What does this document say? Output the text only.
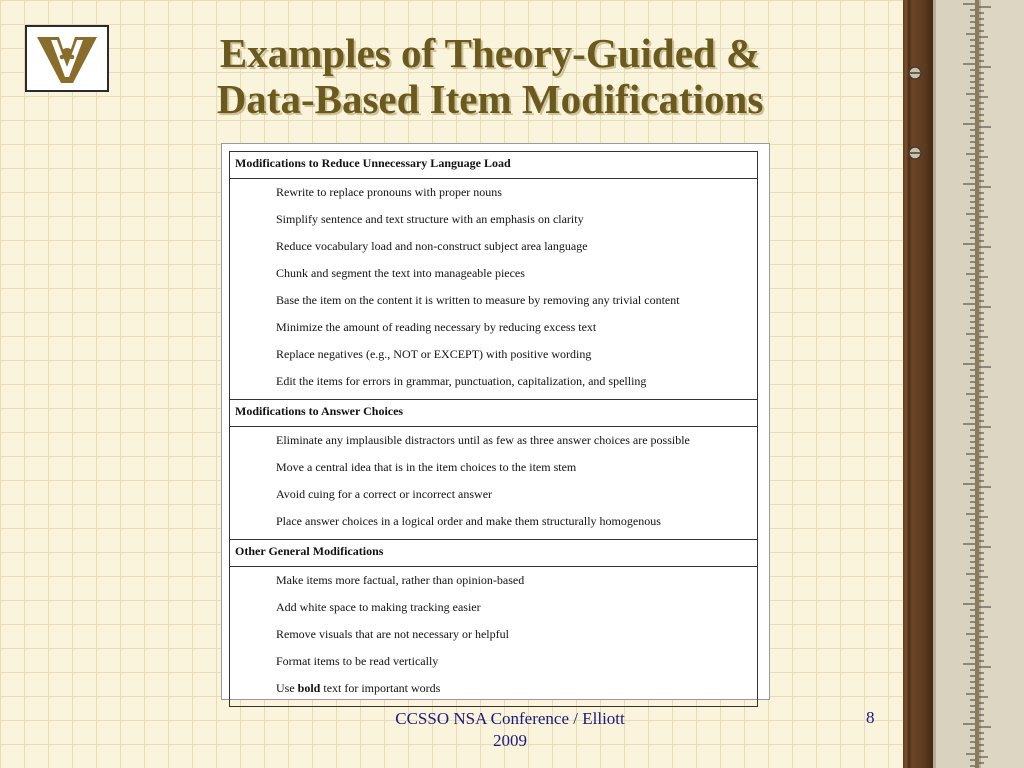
Examples of Theory-Guided &
Data-Based Item Modifications
Modifications to Reduce Unnecessary Language Load
Rewrite to replace pronouns with proper nouns
Simplify sentence and text structure with an emphasis on clarity
Reduce vocabulary load and non-construct subject area language
Chunk and segment the text into manageable pieces
Base the item on the content it is written to measure by removing any trivial content
Minimize the amount of reading necessary by reducing excess text
Replace negatives (e.g., NOT or EXCEPT) with positive wording
Edit the items for errors in grammar, punctuation, capitalization, and spelling
Modifications to Answer Choices
Eliminate any implausible distractors until as few as three answer choices are possible
Move a central idea that is in the item choices to the item stem
Avoid cuing for a correct or incorrect answer
Place answer choices in a logical order and make them structurally homogenous
Other General Modifications
Make items more factual, rather than opinion-based
Add white space to making tracking easier
Remove visuals that are not necessary or helpful
Format items to be read vertically
Use bold text for important words
CCSSO NSA Conference / Elliott
2009
8
